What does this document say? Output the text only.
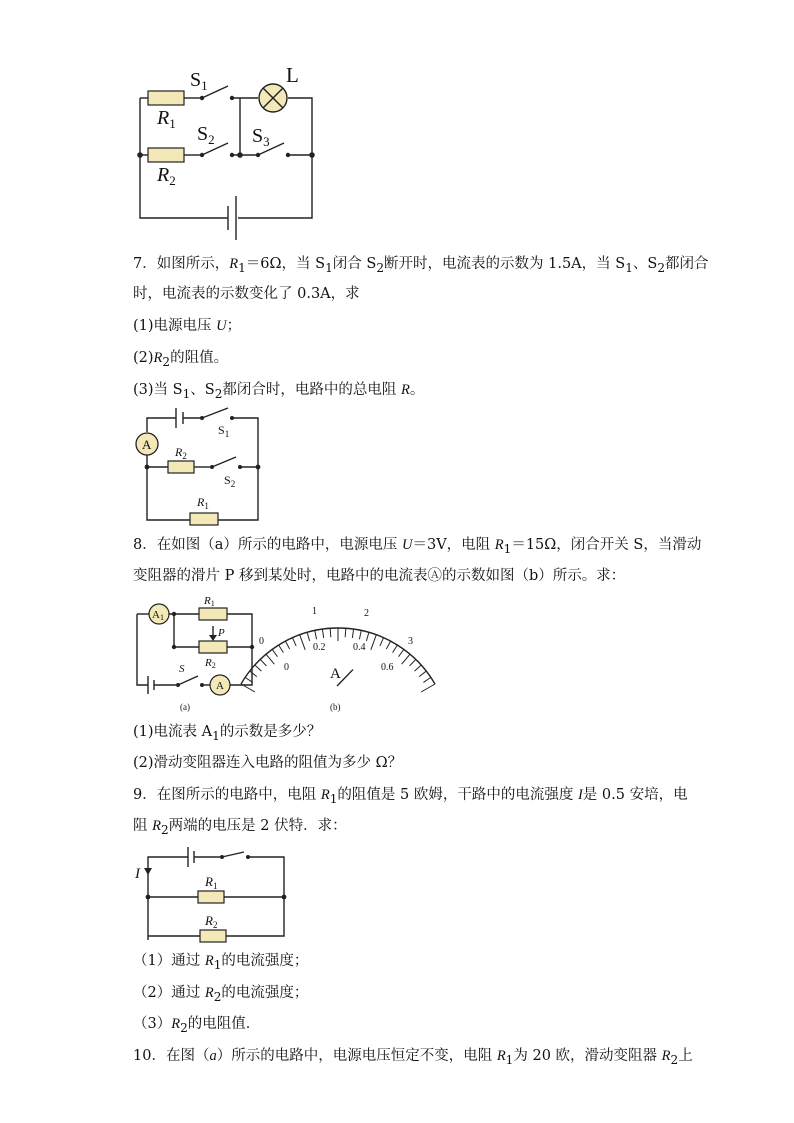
$S_1$	L
$R_1$ $S_2$ $S_3$
$R_2$
7．如图所示，$R_1=6\Omega$，当 $S_1$闭合 $S_2$断开时，电流表的示数为 1.5A，当 $S_1$、$S_2$都闭合
时，电流表的示数变化了 0.3A，求
(1)电源电压 U；
$(2)R_2$的阻值。
(3)当 $S_1$、$S_2$都闭合时，电路中的总电阻 R。
A
$S_1$
$R_2$
$S_2$
$R_1$
8．在如图（a）所示的电路中，电源电压 U＝3V，电阻 $R_1=15\Omega$，闭合开关 S，当滑动
变阻器的滑片 P 移到某处时，电路中的电流表Ⓐ的示数如图（b）所示。求：
A1
A
R1
P
R2
S
(a)
0
1	2
3
0
0.2	0.4
0.6
A
(b)
(1)电流表 $A_1$的示数是多少？
(2)滑动变阻器连入电路的阻值为多少 Ω？
9．在图所示的电路中，电阻 $R_1$的阻值是 5 欧姆，干路中的电流强度 I是 0.5 安培，电
阻 $R_2$两端的电压是 2 伏特．求：
I	$R_1$
$R_2$
（1）通过 $R_1$的电流强度；
（2）通过 $R_2$的电流强度；
$(3)R_2$的电阻值．
10．在图（a）所示的电路中，电源电压恒定不变，电阻 $R_1$为 20 欧，滑动变阻器 $R_2$上
